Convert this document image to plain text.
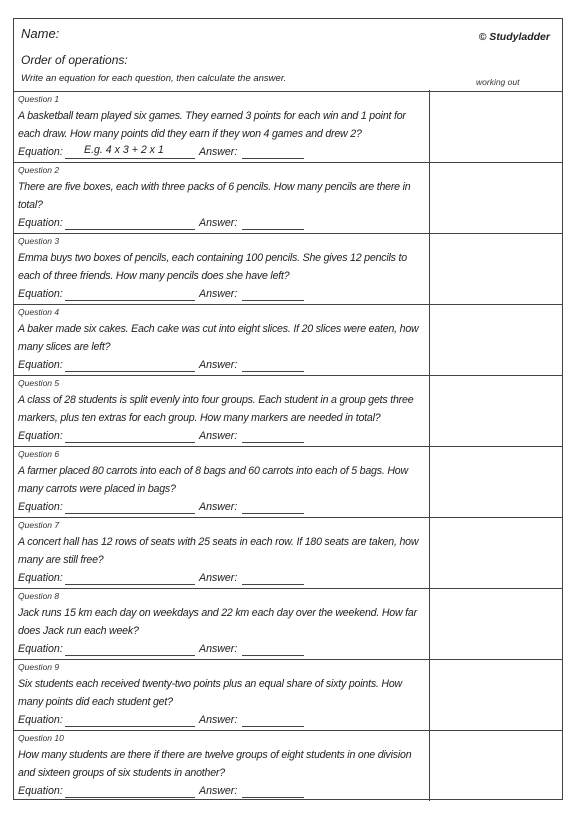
Name:	© Studyladder
Order of operations:
Write an equation for each question, then calculate the answer.	working out
Question 1
A basketball team played six games. They earned 3 points for each win and 1 point for each draw. How many points did they earn if they won 4 games and drew 2?
Equation: E.g. 4 x 3 + 2 x 1	Answer:
Question 2
There are five boxes, each with three packs of 6 pencils. How many pencils are there in total?
Equation:	Answer:
Question 3
Emma buys two boxes of pencils, each containing 100 pencils. She gives 12 pencils to each of three friends. How many pencils does she have left?
Equation:	Answer:
Question 4
A baker made six cakes. Each cake was cut into eight slices. If 20 slices were eaten, how many slices are left?
Equation:	Answer:
Question 5
A class of 28 students is split evenly into four groups. Each student in a group gets three markers, plus ten extras for each group. How many markers are needed in total?
Equation:	Answer:
Question 6
A farmer placed 80 carrots into each of 8 bags and 60 carrots into each of 5 bags. How many carrots were placed in bags?
Equation:	Answer:
Question 7
A concert hall has 12 rows of seats with 25 seats in each row. If 180 seats are taken, how many are still free?
Equation:	Answer:
Question 8
Jack runs 15 km each day on weekdays and 22 km each day over the weekend. How far does Jack run each week?
Equation:	Answer:
Question 9
Six students each received twenty-two points plus an equal share of sixty points. How many points did each student get?
Equation:	Answer:
Question 10
How many students are there if there are twelve groups of eight students in one division and sixteen groups of six students in another?
Equation:	Answer:
